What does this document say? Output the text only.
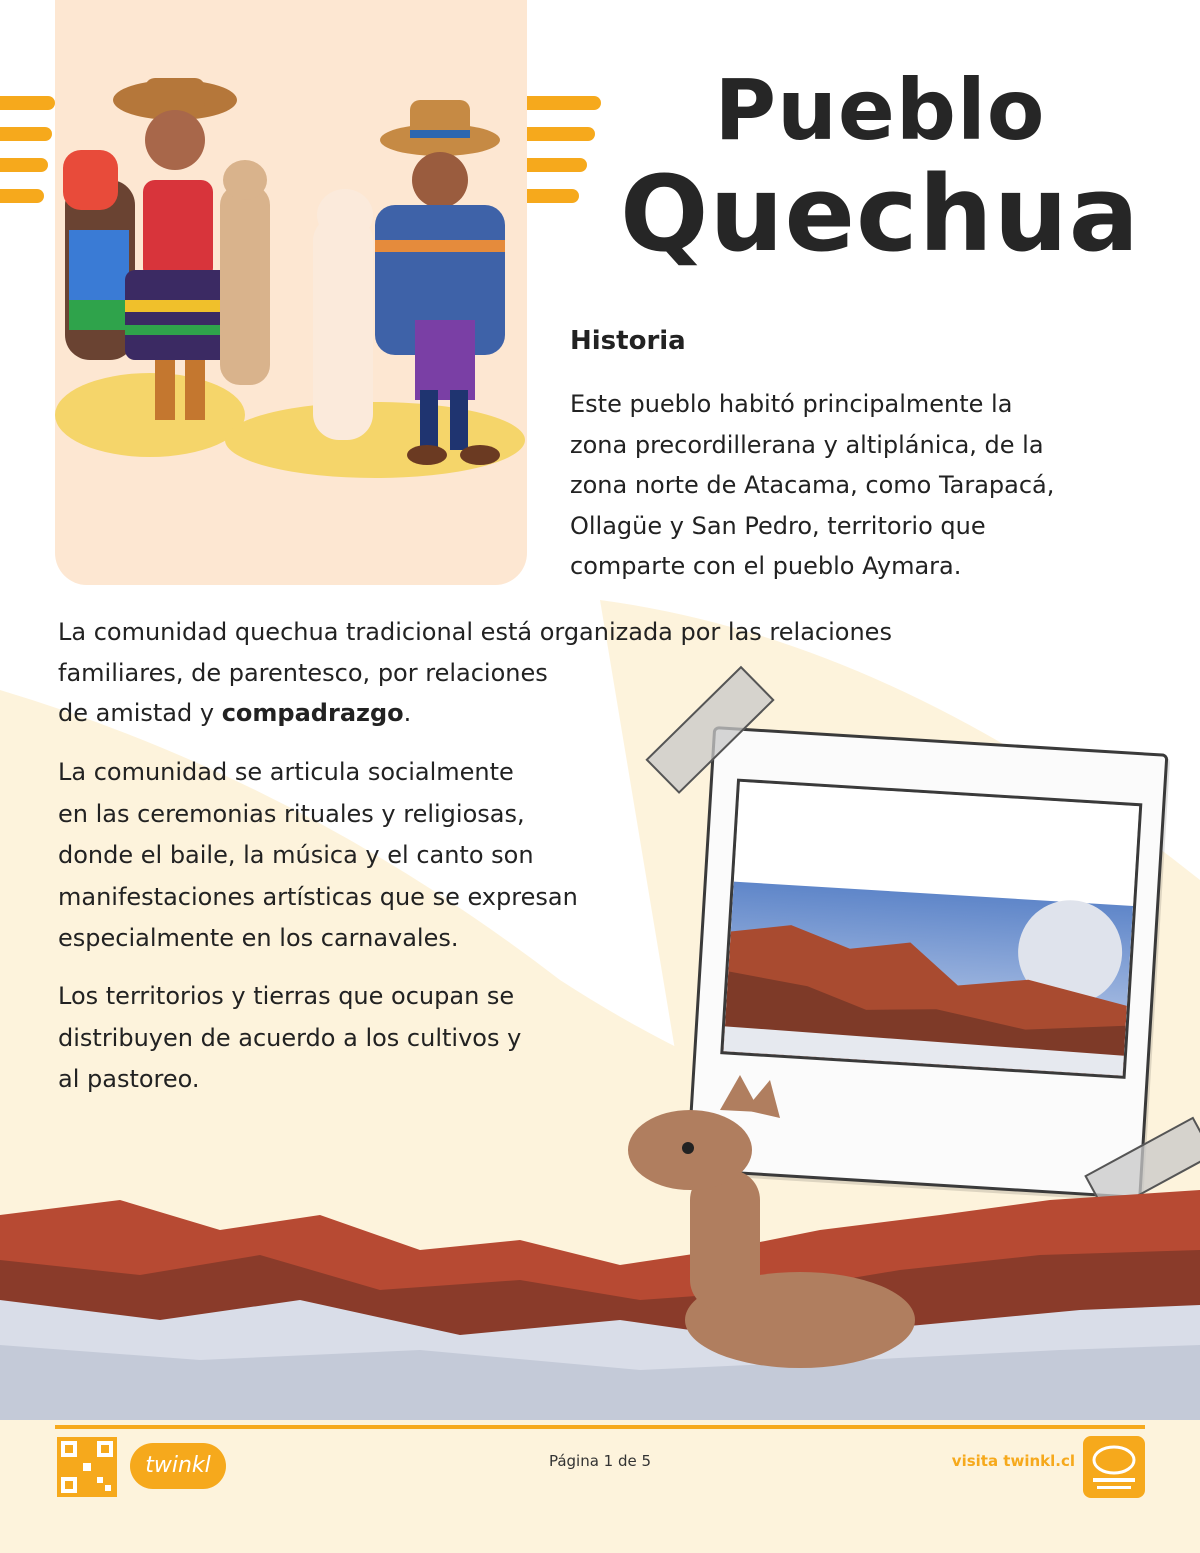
Pueblo
Quechua
Historia

Este pueblo habitó principalmente la
zona precordillerana y altiplánica, de la
zona norte de Atacama, como Tarapacá,
Ollagüe y San Pedro, territorio que
comparte con el pueblo Aymara.

La comunidad quechua tradicional está organizada por las relaciones
familiares, de parentesco, por relaciones
de amistad y compadrazgo.

La comunidad se articula socialmente
en las ceremonias rituales y religiosas,
donde el baile, la música y el canto son
manifestaciones artísticas que se expresan
especialmente en los carnavales.

Los territorios y tierras que ocupan se
distribuyen de acuerdo a los cultivos y
al pastoreo.

twinkl	Página 1 de 5	visita twinkl.cl
